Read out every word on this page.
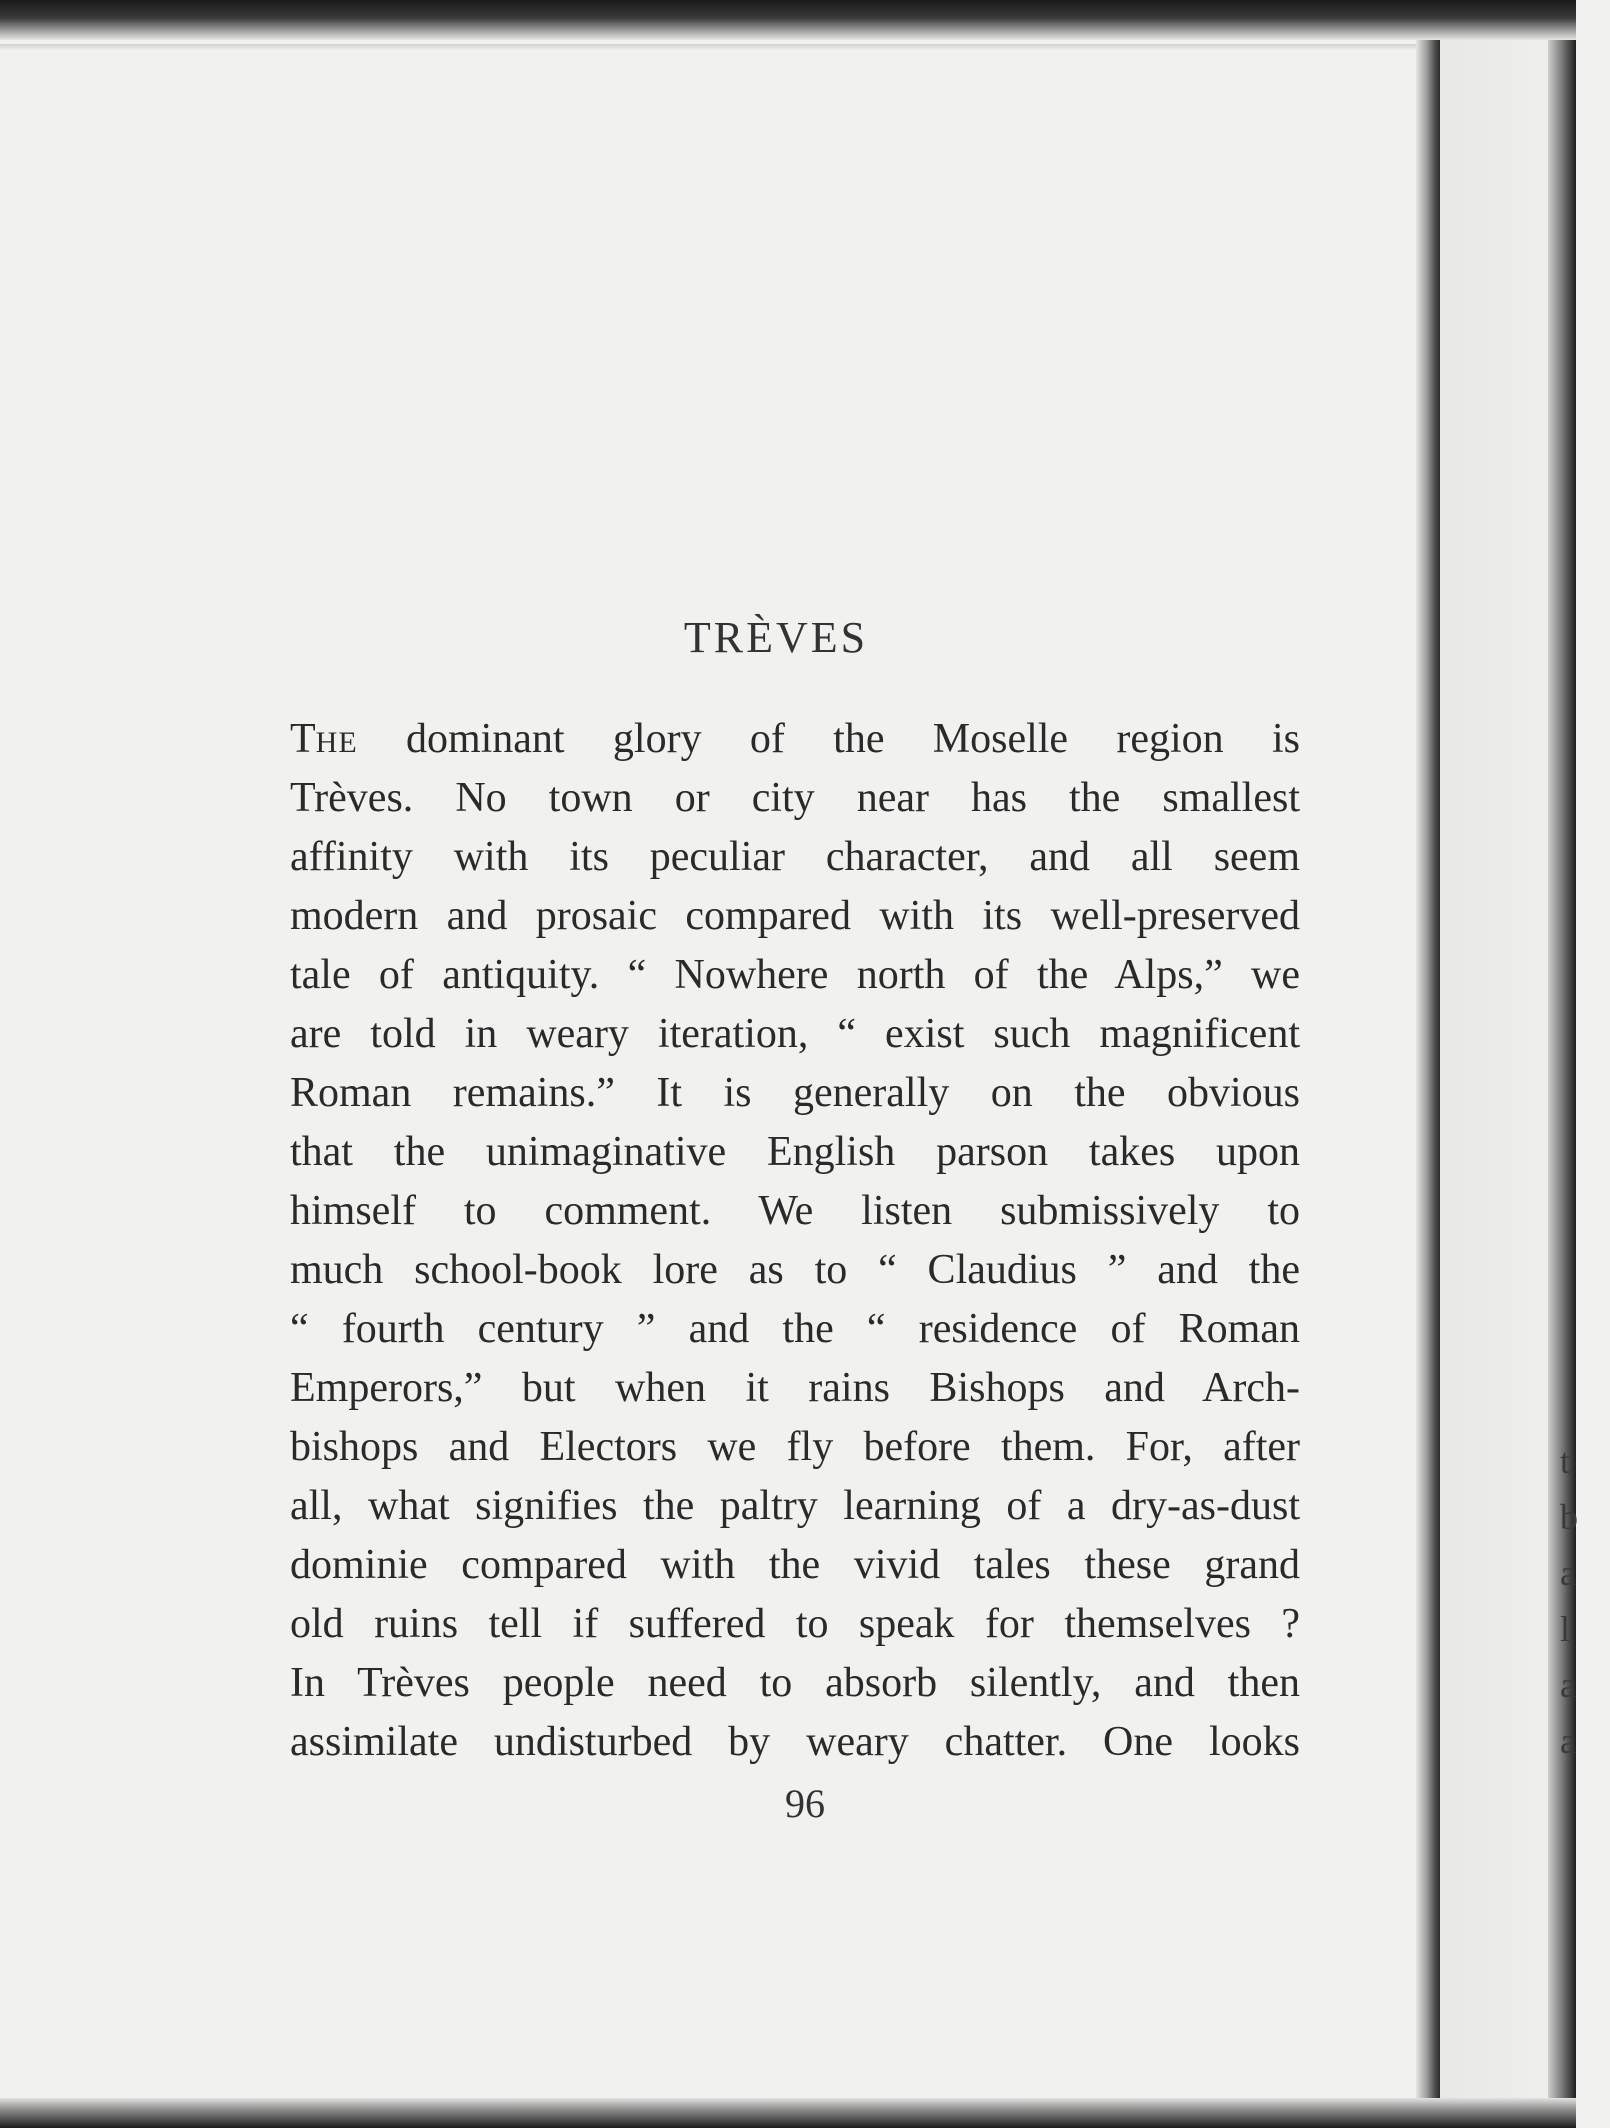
TRÈVES
THE dominant glory of the Moselle region is
Trèves. No town or city near has the smallest
affinity with its peculiar character, and all seem
modern and prosaic compared with its well-preserved
tale of antiquity. “ Nowhere north of the Alps,” we
are told in weary iteration, “ exist such magnificent
Roman remains.” It is generally on the obvious
that the unimaginative English parson takes upon
himself to comment. We listen submissively to
much school-book lore as to “ Claudius ” and the
“ fourth century ” and the “ residence of Roman
Emperors,” but when it rains Bishops and Arch-
bishops and Electors we fly before them. For, after
all, what signifies the paltry learning of a dry-as-dust
dominie compared with the vivid tales these grand
old ruins tell if suffered to speak for themselves ?
In Trèves people need to absorb silently, and then
assimilate undisturbed by weary chatter. One looks

96

t
b
a
l
a
a
